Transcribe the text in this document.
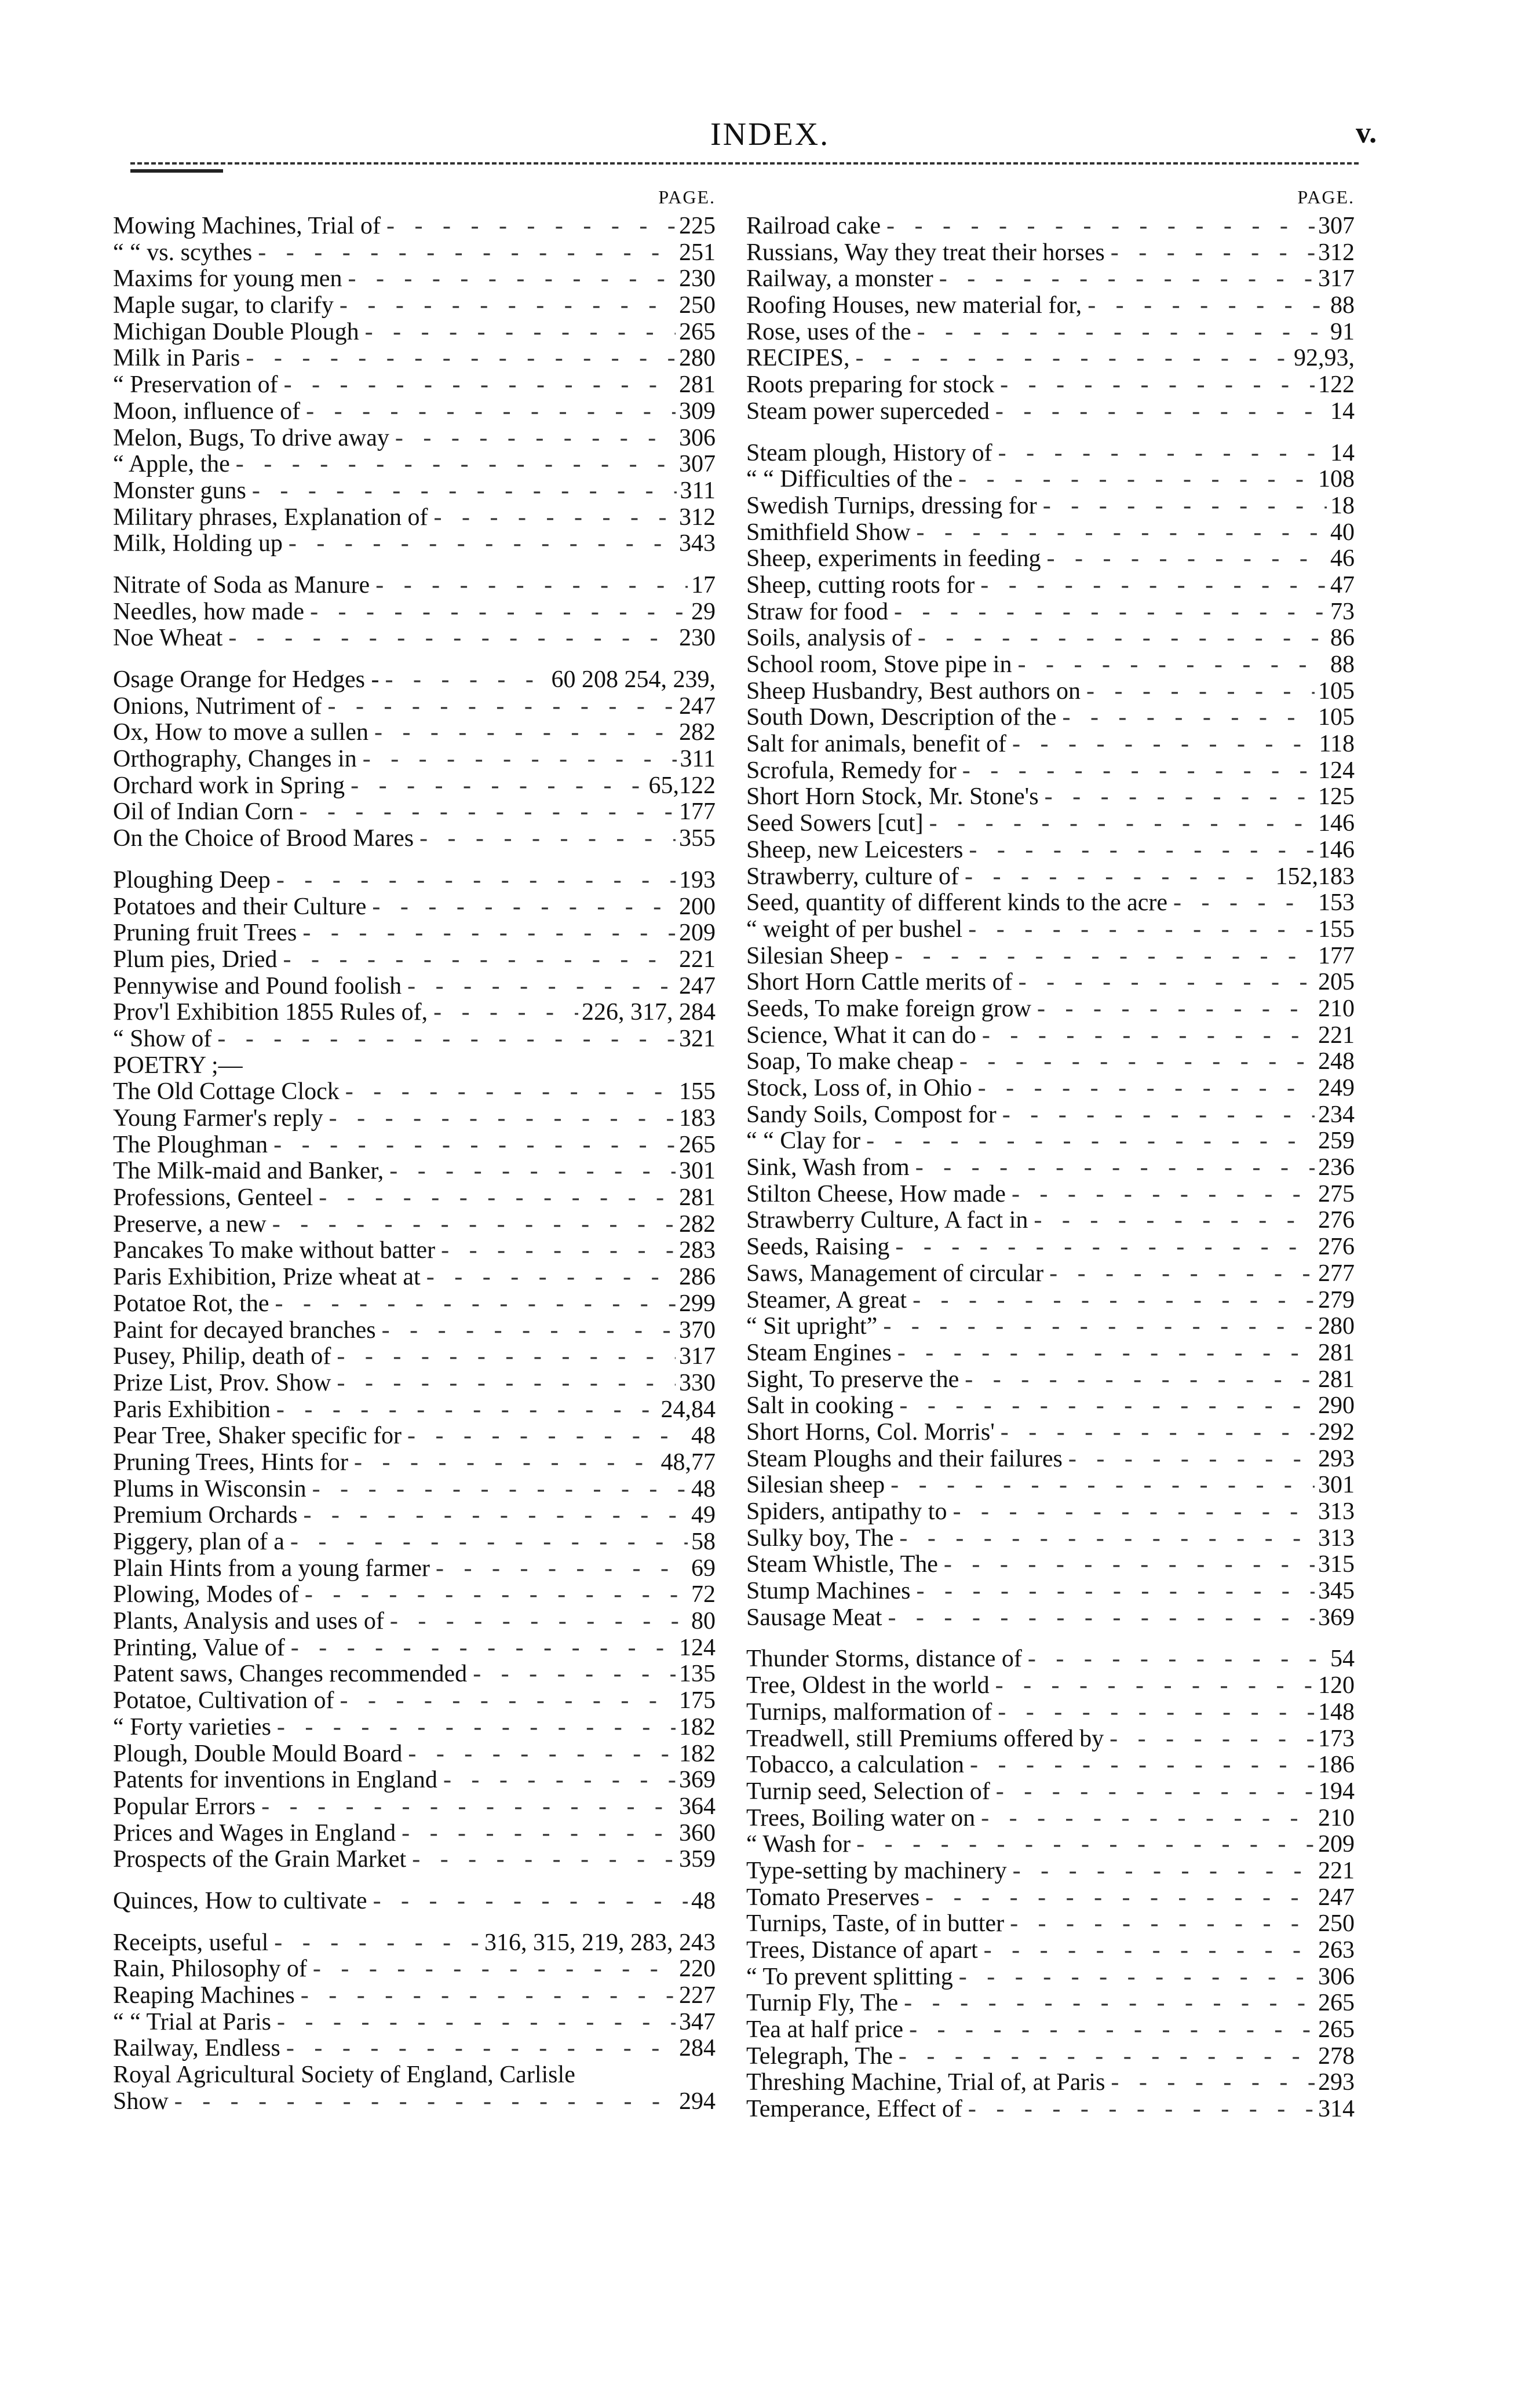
INDEX.	v.
PAGE.
Mowing Machines, Trial of - - -	225
“ “ vs. scythes - - -	251
Maxims for young men - - -	230
Maple sugar, to clarify - - -	250
Michigan Double Plough - - -	265
Milk in Paris - - -	280
“ Preservation of - - -	281
Moon, influence of - - -	309
Melon, Bugs, To drive away - - -	306
“ Apple, the - - -	307
Monster guns - - -	311
Military phrases, Explanation of - - -	312
Milk, Holding up - - -	343
Nitrate of Soda as Manure - - -	17
Needles, how made - - -	29
Noe Wheat - - -	230
Osage Orange for Hedges - - - -	60 208 254, 239,
Onions, Nutriment of - - -	247
Ox, How to move a sullen - - -	282
Orthography, Changes in - - -	311
Orchard work in Spring - - -	65,122
Oil of Indian Corn - - -	177
On the Choice of Brood Mares - - -	355
Ploughing Deep - - -	193
Potatoes and their Culture - - -	200
Pruning fruit Trees - - -	209
Plum pies, Dried - - -	221
Pennywise and Pound foolish - - -	247
Prov'l Exhibition 1855 Rules of, - - -	226, 317, 284
“ Show of - - -	321
POETRY ;—
The Old Cottage Clock - - -	155
Young Farmer's reply - - -	183
The Ploughman - - -	265
The Milk-maid and Banker, - - -	301
Professions, Genteel - - -	281
Preserve, a new - - -	282
Pancakes To make without batter - - -	283
Paris Exhibition, Prize wheat at - - -	286
Potatoe Rot, the - - -	299
Paint for decayed branches - - -	370
Pusey, Philip, death of - - -	317
Prize List, Prov. Show - - -	330
Paris Exhibition - - -	24,84
Pear Tree, Shaker specific for - - -	48
Pruning Trees, Hints for - - -	48,77
Plums in Wisconsin - - -	48
Premium Orchards - - -	49
Piggery, plan of a - - -	58
Plain Hints from a young farmer - - -	69
Plowing, Modes of - - -	72
Plants, Analysis and uses of - - -	80
Printing, Value of - - -	124
Patent saws, Changes recommended - - -	135
Potatoe, Cultivation of - - -	175
“ Forty varieties - - -	182
Plough, Double Mould Board - - -	182
Patents for inventions in England - - -	369
Popular Errors - - -	364
Prices and Wages in England - - -	360
Prospects of the Grain Market - - -	359
Quinces, How to cultivate - - -	48
Receipts, useful - - -	316, 315, 219, 283, 243
Rain, Philosophy of - - -	220
Reaping Machines - - -	227
“ “ Trial at Paris - - -	347
Railway, Endless - - -	284
Royal Agricultural Society of England, Carlisle
Show - - -	294
PAGE.
Railroad cake - - -	307
Russians, Way they treat their horses - - -	312
Railway, a monster - - -	317
Roofing Houses, new material for, - - -	88
Rose, uses of the - - -	91
RECIPES, - - -	92,93,
Roots preparing for stock - - -	122
Steam power superceded - - -	14
Steam plough, History of - - -	14
“ “ Difficulties of the - - -	108
Swedish Turnips, dressing for - - -	18
Smithfield Show - - -	40
Sheep, experiments in feeding - - -	46
Sheep, cutting roots for - - -	47
Straw for food - - -	73
Soils, analysis of - - -	86
School room, Stove pipe in - - -	88
Sheep Husbandry, Best authors on - - -	105
South Down, Description of the - - -	105
Salt for animals, benefit of - - -	118
Scrofula, Remedy for - - -	124
Short Horn Stock, Mr. Stone's - - -	125
Seed Sowers [cut] - - -	146
Sheep, new Leicesters - - -	146
Strawberry, culture of - - -	152,183
Seed, quantity of different kinds to the acre - - -	153
“ weight of per bushel - - -	155
Silesian Sheep - - -	177
Short Horn Cattle merits of - - -	205
Seeds, To make foreign grow - - -	210
Science, What it can do - - -	221
Soap, To make cheap - - -	248
Stock, Loss of, in Ohio - - -	249
Sandy Soils, Compost for - - -	234
“ “ Clay for - - -	259
Sink, Wash from - - -	236
Stilton Cheese, How made - - -	275
Strawberry Culture, A fact in - - -	276
Seeds, Raising - - -	276
Saws, Management of circular - - -	277
Steamer, A great - - -	279
“ Sit upright” - - -	280
Steam Engines - - -	281
Sight, To preserve the - - -	281
Salt in cooking - - -	290
Short Horns, Col. Morris' - - -	292
Steam Ploughs and their failures - - -	293
Silesian sheep - - -	301
Spiders, antipathy to - - -	313
Sulky boy, The - - -	313
Steam Whistle, The - - -	315
Stump Machines - - -	345
Sausage Meat - - -	369
Thunder Storms, distance of - - -	54
Tree, Oldest in the world - - -	120
Turnips, malformation of - - -	148
Treadwell, still Premiums offered by - - -	173
Tobacco, a calculation - - -	186
Turnip seed, Selection of - - -	194
Trees, Boiling water on - - -	210
“ Wash for - - -	209
Type-setting by machinery - - -	221
Tomato Preserves - - -	247
Turnips, Taste, of in butter - - -	250
Trees, Distance of apart - - -	263
“ To prevent splitting - - -	306
Turnip Fly, The - - -	265
Tea at half price - - -	265
Telegraph, The - - -	278
Threshing Machine, Trial of, at Paris - - -	293
Temperance, Effect of - - -	314
